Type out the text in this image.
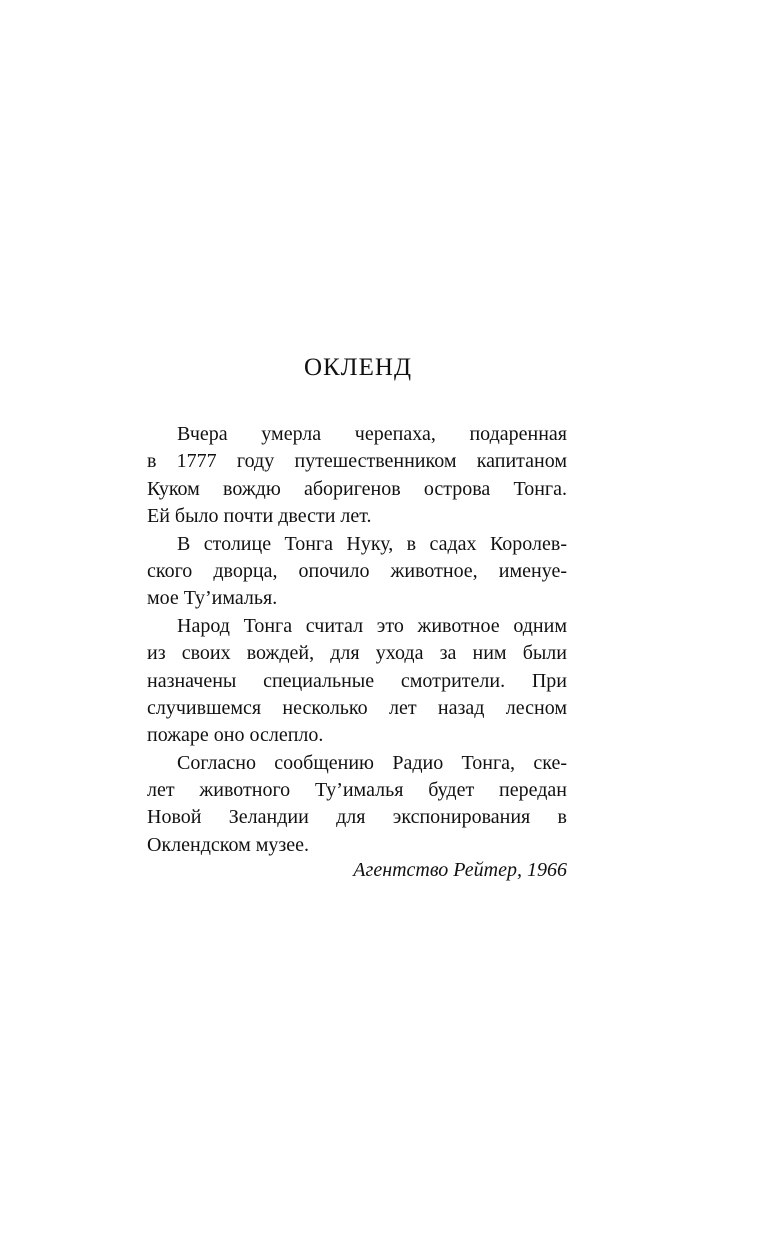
ОКЛЕНД
Вчера умерла черепаха, подаренная
в 1777 году путешественником капитаном
Куком вождю аборигенов острова Тонга.
Ей было почти двести лет.
В столице Тонга Нуку, в садах Королев-
ского дворца, опочило животное, именуе-
мое Ту’ималья.
Народ Тонга считал это животное одним
из своих вождей, для ухода за ним были
назначены специальные смотрители. При
случившемся несколько лет назад лесном
пожаре оно ослепло.
Согласно сообщению Радио Тонга, ске-
лет животного Ту’ималья будет передан
Новой Зеландии для экспонирования в
Оклендском музее.

Агентство Рейтер, 1966
